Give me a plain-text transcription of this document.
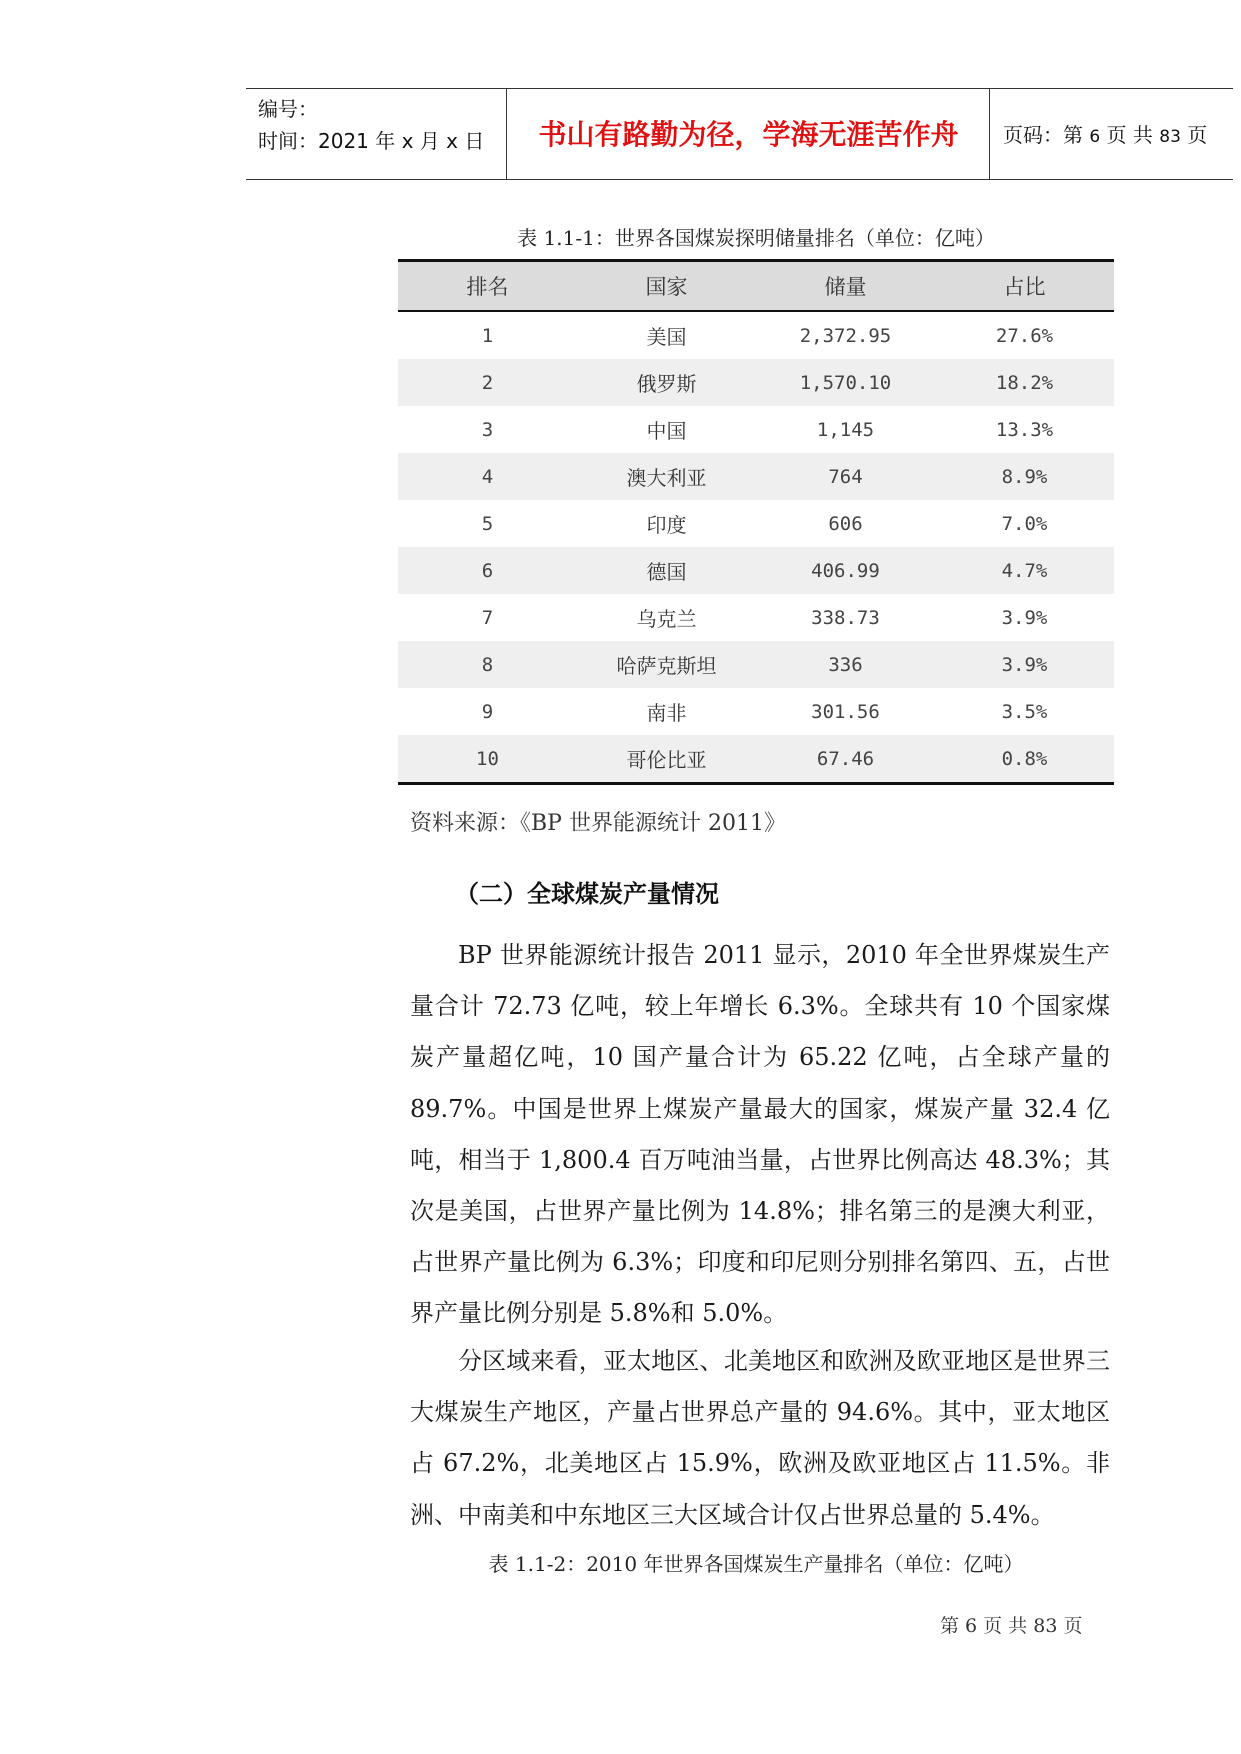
编号：
时间：2021 年 x 月 x 日	书山有路勤为径，学海无涯苦作舟	页码：第 6 页 共 83 页
表 1.1-1：世界各国煤炭探明储量排名（单位：亿吨）
排名	国家	储量	占比
1	美国	2,372.95	27.6%
2	俄罗斯	1,570.10	18.2%
3	中国	1,145	13.3%
4	澳大利亚	764	8.9%
5	印度	606	7.0%
6	德国	406.99	4.7%
7	乌克兰	338.73	3.9%
8	哈萨克斯坦	336	3.9%
9	南非	301.56	3.5%
10	哥伦比亚	67.46	0.8%
资料来源：《BP 世界能源统计 2011》
（二）全球煤炭产量情况

BP 世界能源统计报告 2011 显示，2010 年全世界煤炭生产量合计 72.73 亿吨，较上年增长 6.3%。全球共有 10 个国家煤炭产量超亿吨，10 国产量合计为 65.22 亿吨，占全球产量的 89.7%。中国是世界上煤炭产量最大的国家，煤炭产量 32.4 亿吨，相当于 1,800.4 百万吨油当量，占世界比例高达 48.3%；其次是美国，占世界产量比例为 14.8%；排名第三的是澳大利亚，占世界产量比例为 6.3%；印度和印尼则分别排名第四、五，占世界产量比例分别是 5.8%和 5.0%。

分区域来看，亚太地区、北美地区和欧洲及欧亚地区是世界三大煤炭生产地区，产量占世界总产量的 94.6%。其中，亚太地区占 67.2%，北美地区占 15.9%，欧洲及欧亚地区占 11.5%。非洲、中南美和中东地区三大区域合计仅占世界总量的 5.4%。

表 1.1-2：2010 年世界各国煤炭生产量排名（单位：亿吨）
第 6 页 共 83 页
